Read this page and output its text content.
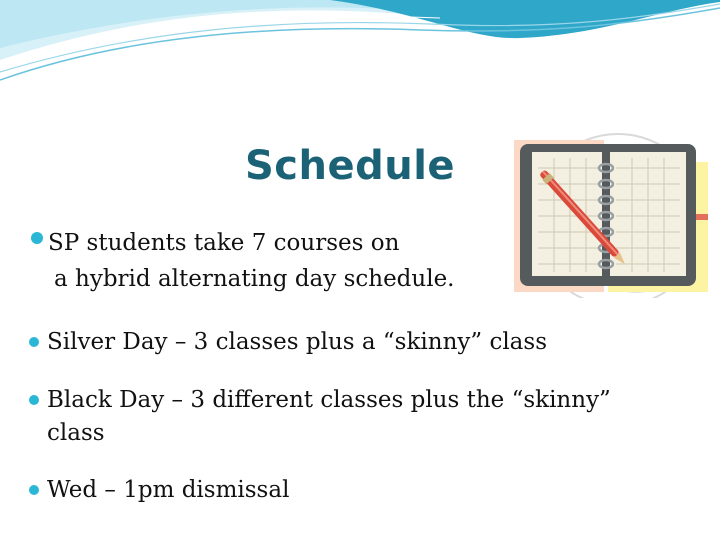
Schedule
SP students take 7 courses on
a hybrid alternating day schedule.
Silver Day – 3 classes plus a “skinny” class
Black Day – 3 different classes plus the “skinny”
class
Wed – 1pm dismissal
